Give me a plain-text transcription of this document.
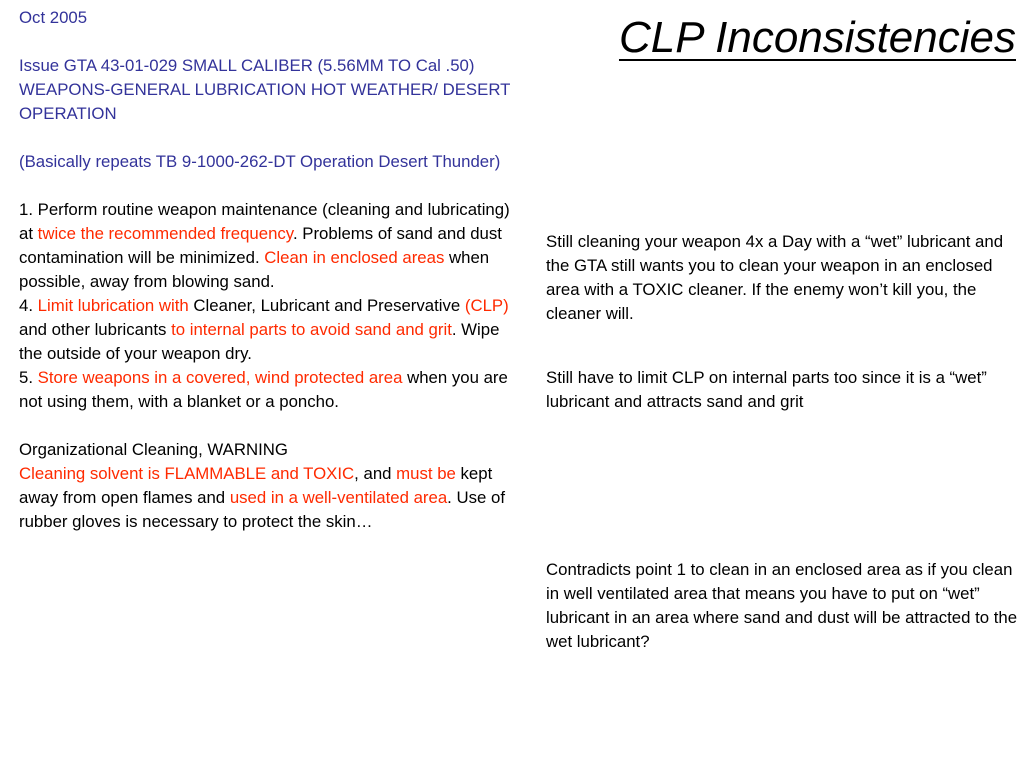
CLP Inconsistencies

Oct 2005

Issue GTA 43-01-029 SMALL CALIBER (5.56MM TO Cal .50) WEAPONS-GENERAL LUBRICATION HOT WEATHER/ DESERT OPERATION

(Basically repeats TB 9-1000-262-DT Operation Desert Thunder)

1. Perform routine weapon maintenance (cleaning and lubricating) at twice the recommended frequency. Problems of sand and dust contamination will be minimized. Clean in enclosed areas when possible, away from blowing sand.

4. Limit lubrication with Cleaner, Lubricant and Preservative (CLP) and other lubricants to internal parts to avoid sand and grit. Wipe the outside of your weapon dry.

5. Store weapons in a covered, wind protected area when you are not using them, with a blanket or a poncho.

Organizational Cleaning, WARNING

Cleaning solvent is FLAMMABLE and TOXIC, and must be kept away from open flames and used in a well-ventilated area. Use of rubber gloves is necessary to protect the skin…

Still cleaning your weapon 4x a Day with a “wet” lubricant and the GTA still wants you to clean your weapon in an enclosed area with a TOXIC cleaner. If the enemy won’t kill you, the cleaner will.

Still have to limit CLP on internal parts too since it is a “wet” lubricant and attracts sand and grit

Contradicts point 1 to clean in an enclosed area as if you clean in well ventilated area that means you have to put on “wet” lubricant in an area where sand and dust will be attracted to the wet lubricant?
